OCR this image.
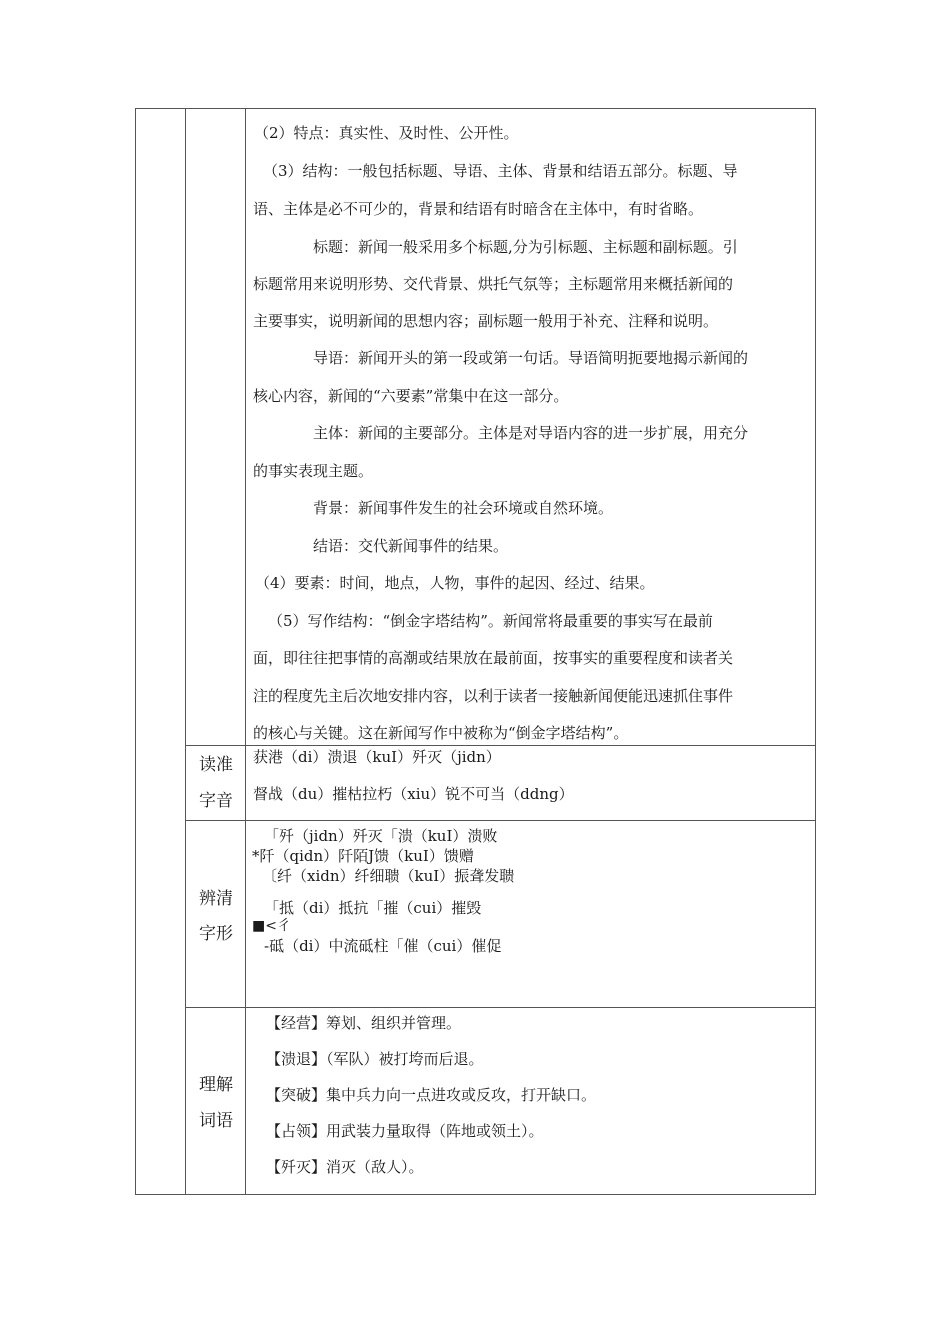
（2）特点：真实性、及时性、公开性。
（3）结构：一般包括标题、导语、主体、背景和结语五部分。标题、导
语、主体是必不可少的，背景和结语有时暗含在主体中，有时省略。
标题：新闻一般采用多个标题,分为引标题、主标题和副标题。引
标题常用来说明形势、交代背景、烘托气氛等；主标题常用来概括新闻的
主要事实，说明新闻的思想内容；副标题一般用于补充、注释和说明。
导语：新闻开头的第一段或第一句话。导语简明扼要地揭示新闻的
核心内容，新闻的“六要素”常集中在这一部分。
主体：新闻的主要部分。主体是对导语内容的进一步扩展，用充分
的事实表现主题。
背景：新闻事件发生的社会环境或自然环境。
结语：交代新闻事件的结果。
（4）要素：时间，地点，人物，事件的起因、经过、结果。
（5）写作结构：“倒金字塔结构”。新闻常将最重要的事实写在最前
面，即往往把事情的高潮或结果放在最前面，按事实的重要程度和读者关
注的程度先主后次地安排内容，以利于读者一接触新闻便能迅速抓住事件
的核心与关键。这在新闻写作中被称为“倒金字塔结构”。
读准
字音
获港（di）溃退（kuI）歼灭（jidn）
督战（du）摧枯拉朽（xiu）锐不可当（ddng）
辨清
字形
「歼（jidn）歼灭「溃（kuI）溃败
*阡（qidn）阡陌J馈（kuI）馈赠
〔纤（xidn）纤细聩（kuI）振聋发聩
「抵（di）抵抗「摧（cui）摧毁
■<彳
-砥（di）中流砥柱「催（cui）催促
理解
词语
【经营】筹划、组织并管理。
【溃退】（军队）被打垮而后退。
【突破】集中兵力向一点进攻或反攻，打开缺口。
【占领】用武装力量取得（阵地或领土）。
【歼灭】消灭（敌人）。
